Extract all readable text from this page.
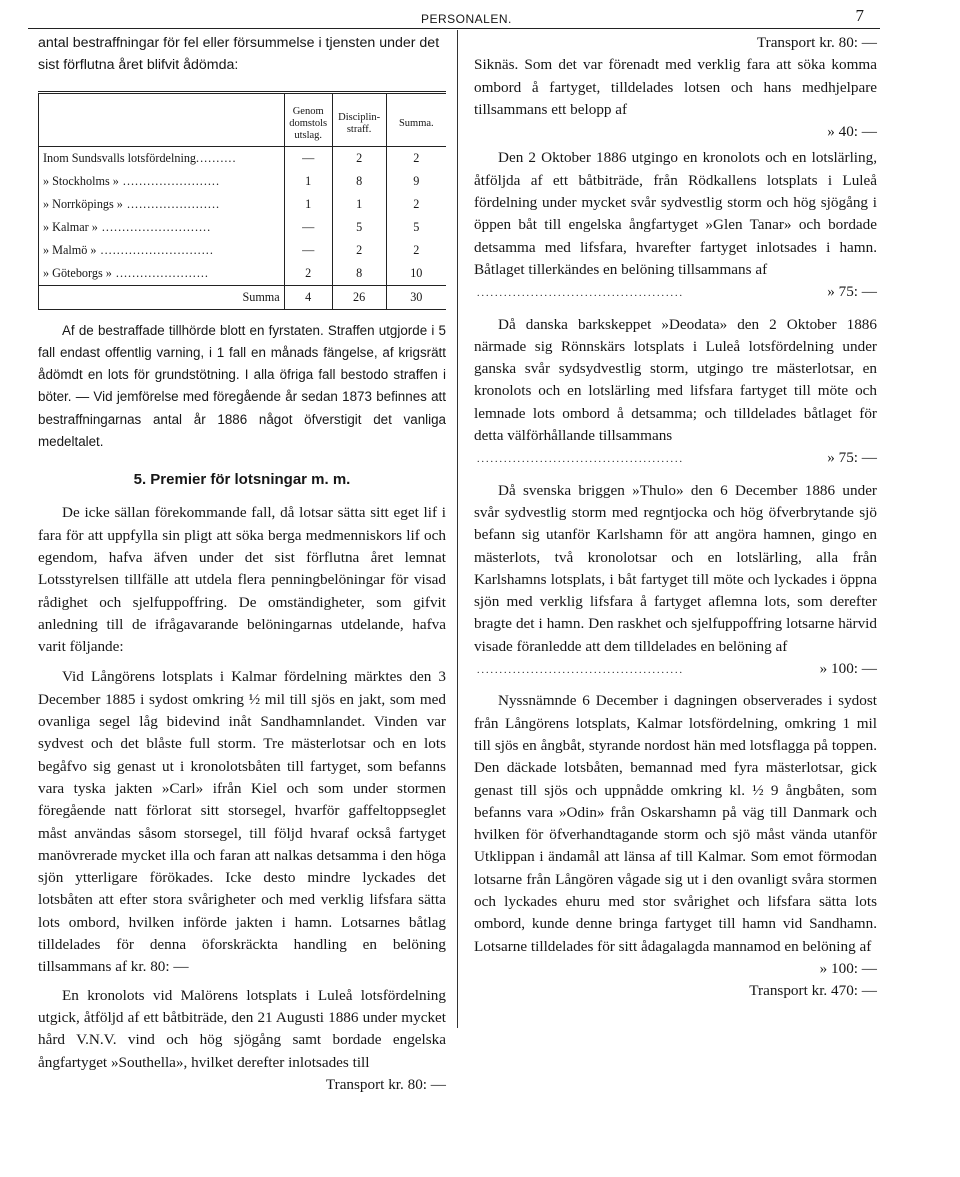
PERSONALEN.	7

antal bestraffningar för fel eller försummelse i tjensten under det sist förflutna året blifvit ådömda:

	Genom domstols utslag.	Disciplin-straff.	Summa.
Inom Sundsvalls lotsfördelning..........	—	2	2
» Stockholms » ........................	1	8	9
» Norrköpings » .......................	1	1	2
» Kalmar » ...........................	—	5	5
» Malmö » ............................	—	2	2
» Göteborgs » .......................	2	8	10
Summa	4	26	30

Af de bestraffade tillhörde blott en fyrstaten. Straffen utgjorde i 5 fall endast offentlig varning, i 1 fall en månads fängelse, af krigsrätt ådömdt en lots för grundstötning. I alla öfriga fall bestodo straffen i böter. — Vid jemförelse med föregående år sedan 1873 befinnes att bestraffningarnas antal år 1886 något öfverstigit det vanliga medeltalet.

5. Premier för lotsningar m. m.

De icke sällan förekommande fall, då lotsar sätta sitt eget lif i fara för att uppfylla sin pligt att söka berga medmenniskors lif och egendom, hafva äfven under det sist förflutna året lemnat Lotsstyrelsen tillfälle att utdela flera penningbelöningar för visad rådighet och sjelfuppoffring. De omständigheter, som gifvit anledning till de ifrågavarande belöningarnas utdelande, hafva varit följande:

Vid Långörens lotsplats i Kalmar fördelning märktes den 3 December 1885 i sydost omkring ½ mil till sjös en jakt, som med ovanliga segel låg bidevind inåt Sandhamnlandet. Vinden var sydvest och det blåste full storm. Tre mästerlotsar och en lots begåfvo sig genast ut i kronolotsbåten till fartyget, som befanns vara tyska jakten »Carl» ifrån Kiel och som under stormen föregående natt förlorat sitt storsegel, hvarför gaffeltoppseglet måst användas såsom storsegel, till följd hvaraf också fartyget manövrerade mycket illa och faran att nalkas detsamma i den höga sjön ytterligare förökades. Icke desto mindre lyckades det lotsbåten att efter stora svårigheter och med verklig lifsfara sätta lots ombord, hvilken införde jakten i hamn. Lotsarnes båtlag tilldelades för denna öforskräckta handling en belöning tillsammans af kr. 80: —

En kronolots vid Malörens lotsplats i Luleå lotsfördelning utgick, åtföljd af ett båtbiträde, den 21 Augusti 1886 under mycket hård V.N.V. vind och hög sjögång samt bordade engelska ångfartyget »Southella», hvilket derefter inlotsades till

Transport kr. 80: —
Transport kr. 80: —

Siknäs. Som det var förenadt med verklig fara att söka komma ombord å fartyget, tilldelades lotsen och hans medhjelpare tillsammans ett belopp af

» 40: —

Den 2 Oktober 1886 utgingo en kronolots och en lotslärling, åtföljda af ett båtbiträde, från Rödkallens lotsplats i Luleå fördelning under mycket svår sydvestlig storm och hög sjögång i öppen båt till engelska ångfartyget »Glen Tanar» och bordade detsamma med lifsfara, hvarefter fartyget inlotsades i hamn. Båtlaget tillerkändes en belöning tillsammans af

..............................................	» 75: —

Då danska barkskeppet »Deodata» den 2 Oktober 1886 närmade sig Rönnskärs lotsplats i Luleå lotsfördelning under ganska svår sydsydvestlig storm, utgingo tre mästerlotsar, en kronolots och en lotslärling med lifsfara fartyget till möte och lemnade lots ombord å detsamma; och tilldelades båtlaget för detta välförhållande tillsammans

..............................................	» 75: —

Då svenska briggen »Thulo» den 6 December 1886 under svår sydvestlig storm med regntjocka och hög öfverbrytande sjö befann sig utanför Karlshamn för att angöra hamnen, gingo en mästerlots, två kronolotsar och en lotslärling, alla från Karlshamns lotsplats, i båt fartyget till möte och lyckades i öppna sjön med verklig lifsfara å fartyget aflemna lots, som derefter bragte det i hamn. Den raskhet och sjelfuppoffring lotsarne härvid visade föranledde att dem tilldelades en belöning af

..............................................	» 100: —

Nyssnämnde 6 December i dagningen observerades i sydost från Långörens lotsplats, Kalmar lotsfördelning, omkring 1 mil till sjös en ångbåt, styrande nordost hän med lotsflagga på toppen. Den däckade lotsbåten, bemannad med fyra mästerlotsar, gick genast till sjös och uppnådde omkring kl. ½ 9 ångbåten, som befanns vara »Odin» från Oskarshamn på väg till Danmark och hvilken för öfverhandtagande storm och sjö måst vända utanför Utklippan i ändamål att länsa af till Kalmar. Som emot förmodan lotsarne från Långören vågade sig ut i den ovanligt svåra stormen och lyckades ehuru med stor svårighet och lifsfara sätta lots ombord, kunde denne bringa fartyget till hamn vid Sandhamn. Lotsarne tilldelades för sitt ådagalagda mannamod en belöning af

» 100: —
Transport kr. 470: —
